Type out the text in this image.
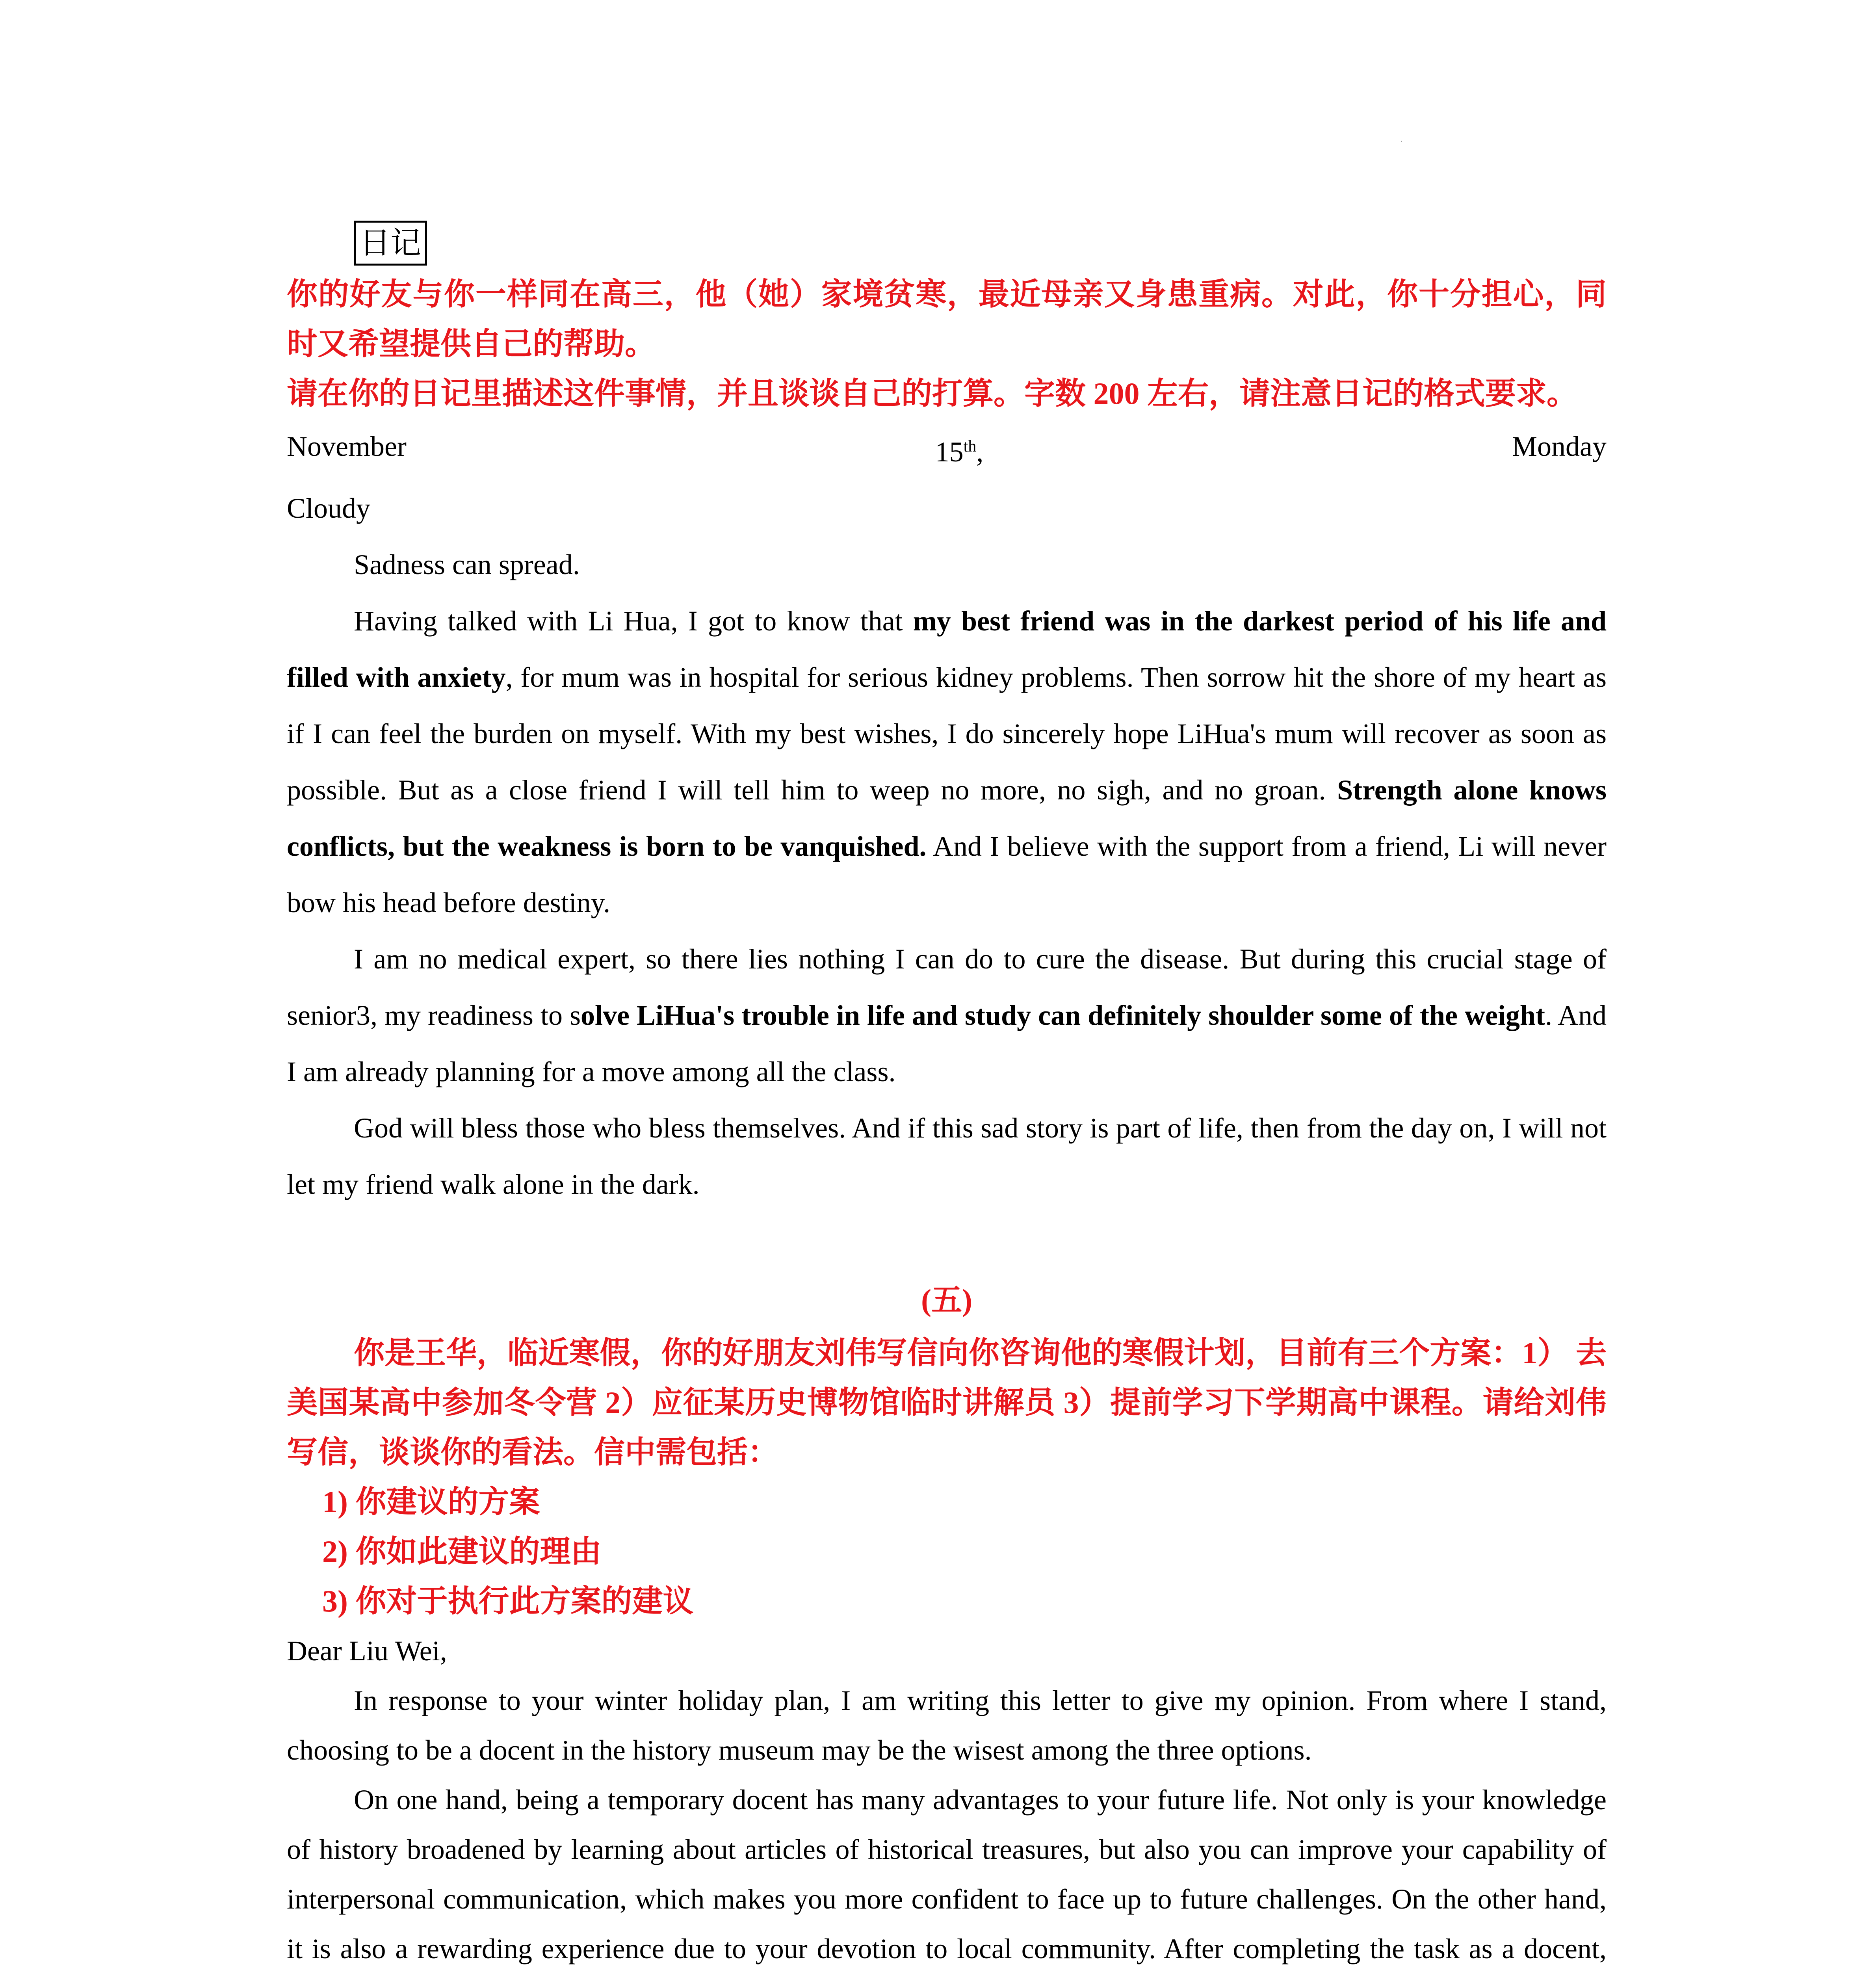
.
日记

你的好友与你一样同在高三，他（她）家境贫寒，最近母亲又身患重病。对此，你十分担心，同时又希望提供自己的帮助。

请在你的日记里描述这件事情，并且谈谈自己的打算。字数 200 左右，请注意日记的格式要求。

November	15th,	Monday

Cloudy

Sadness can spread.

Having talked with Li Hua, I got to know that my best friend was in the darkest period of his life and filled with anxiety, for mum was in hospital for serious kidney problems. Then sorrow hit the shore of my heart as if I can feel the burden on myself. With my best wishes, I do sincerely hope LiHua's mum will recover as soon as possible. But as a close friend I will tell him to weep no more, no sigh, and no groan. Strength alone knows conflicts, but the weakness is born to be vanquished. And I believe with the support from a friend, Li will never bow his head before destiny.

I am no medical expert, so there lies nothing I can do to cure the disease. But during this crucial stage of senior3, my readiness to solve LiHua's trouble in life and study can definitely shoulder some of the weight. And I am already planning for a move among all the class.

God will bless those who bless themselves. And if this sad story is part of life, then from the day on, I will not let my friend walk alone in the dark.

(五)

你是王华，临近寒假，你的好朋友刘伟写信向你咨询他的寒假计划，目前有三个方案：1） 去美国某高中参加冬令营 2）应征某历史博物馆临时讲解员 3）提前学习下学期高中课程。请给刘伟写信，谈谈你的看法。信中需包括：

1) 你建议的方案
2) 你如此建议的理由
3) 你对于执行此方案的建议

Dear Liu Wei,

In response to your winter holiday plan, I am writing this letter to give my opinion. From where I stand, choosing to be a docent in the history museum may be the wisest among the three options.

On one hand, being a temporary docent has many advantages to your future life. Not only is your knowledge of history broadened by learning about articles of historical treasures, but also you can improve your capability of interpersonal communication, which makes you more confident to face up to future challenges. On the other hand, it is also a rewarding experience due to your devotion to local community. After completing the task as a docent,
